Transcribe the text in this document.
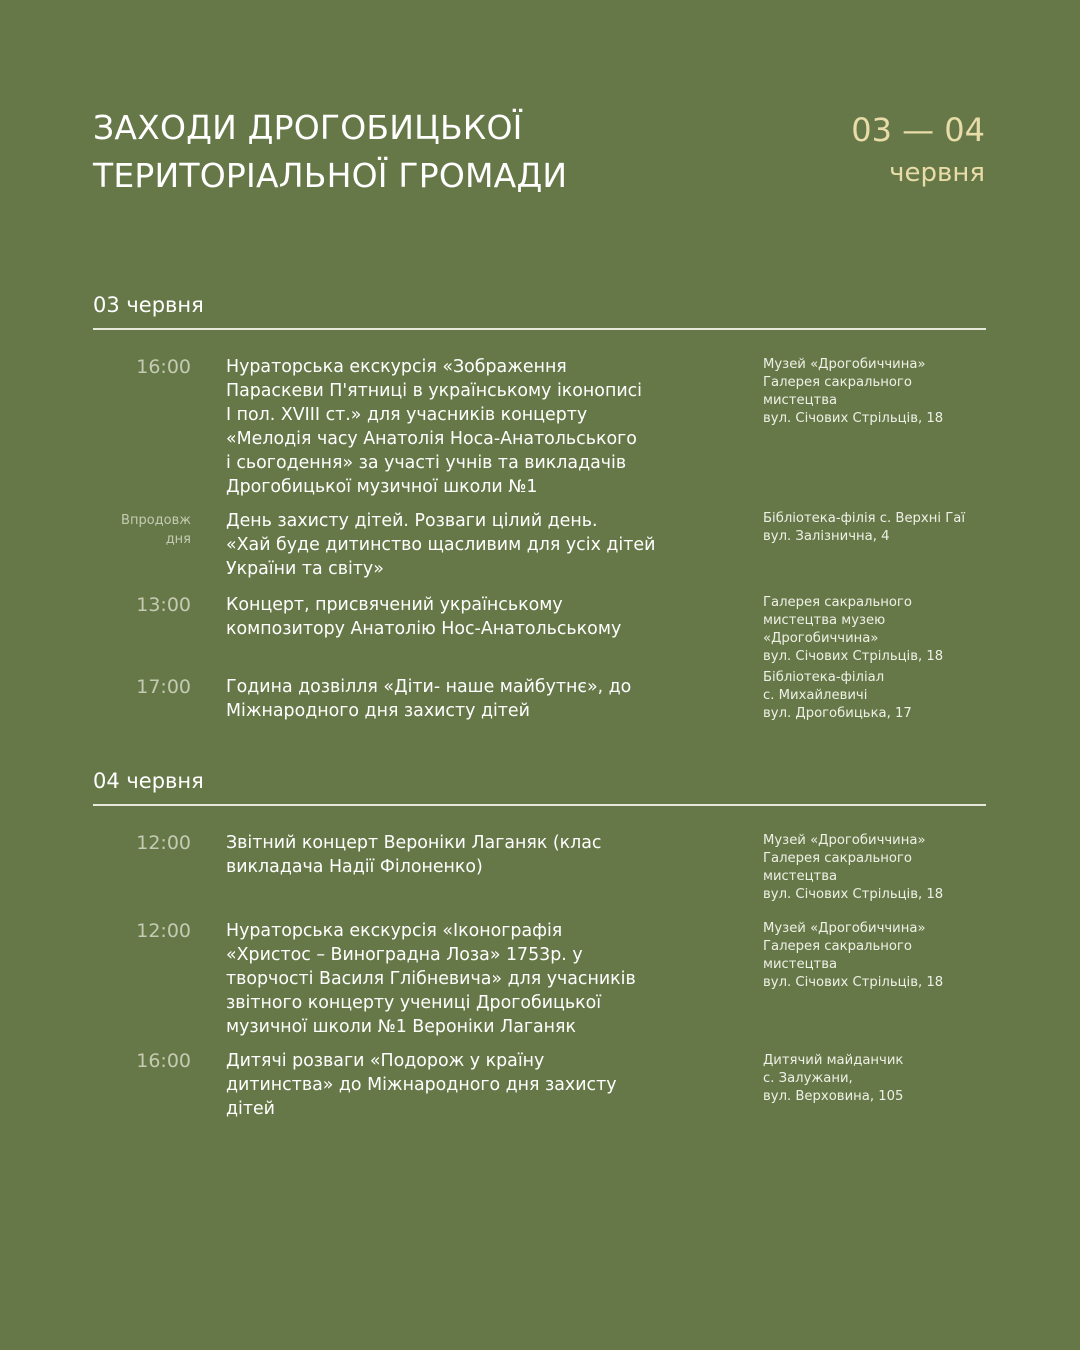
ЗАХОДИ ДРОГОБИЦЬКОЇ
ТЕРИТОРІАЛЬНОЇ ГРОМАДИ
03 — 04
червня
03 червня
16:00 Нураторська екскурсія «Зображення
Параскеви П'ятниці в українському іконописі
І пол. XVIII ст.» для учасників концерту
«Мелодія часу Анатолія Носа-Анатольського
і сьогодення» за участі учнів та викладачів
Дрогобицької музичної школи №1
Музей «Дрогобиччина»
Галерея сакрального
мистецтва
вул. Січових Стрільців, 18
Впродовж
дня
День захисту дітей. Розваги цілий день.
«Хай буде дитинство щасливим для усіх дітей
України та світу»
Бібліотека-філія с. Верхні Гаї
вул. Залізнична, 4
13:00 Концерт, присвячений українському
композитору Анатолію Нос-Анатольському
Галерея сакрального
мистецтва музею
«Дрогобиччина»
вул. Січових Стрільців, 18
17:00 Година дозвілля «Діти- наше майбутнє», до
Міжнародного дня захисту дітей
Бібліотека-філіал
с. Михайлевичі
вул. Дрогобицька, 17
04 червня
12:00 Звітний концерт Вероніки Лаганяк (клас
викладача Надії Філоненко)
Музей «Дрогобиччина»
Галерея сакрального
мистецтва
вул. Січових Стрільців, 18
12:00 Нураторська екскурсія «Іконографія
«Христос – Виноградна Лоза» 1753р. у
творчості Василя Глібневича» для учасників
звітного концерту учениці Дрогобицької
музичної школи №1 Вероніки Лаганяк
Музей «Дрогобиччина»
Галерея сакрального
мистецтва
вул. Січових Стрільців, 18
16:00 Дитячі розваги «Подорож у країну
дитинства» до Міжнародного дня захисту
дітей
Дитячий майданчик
с. Залужани,
вул. Верховина, 105
